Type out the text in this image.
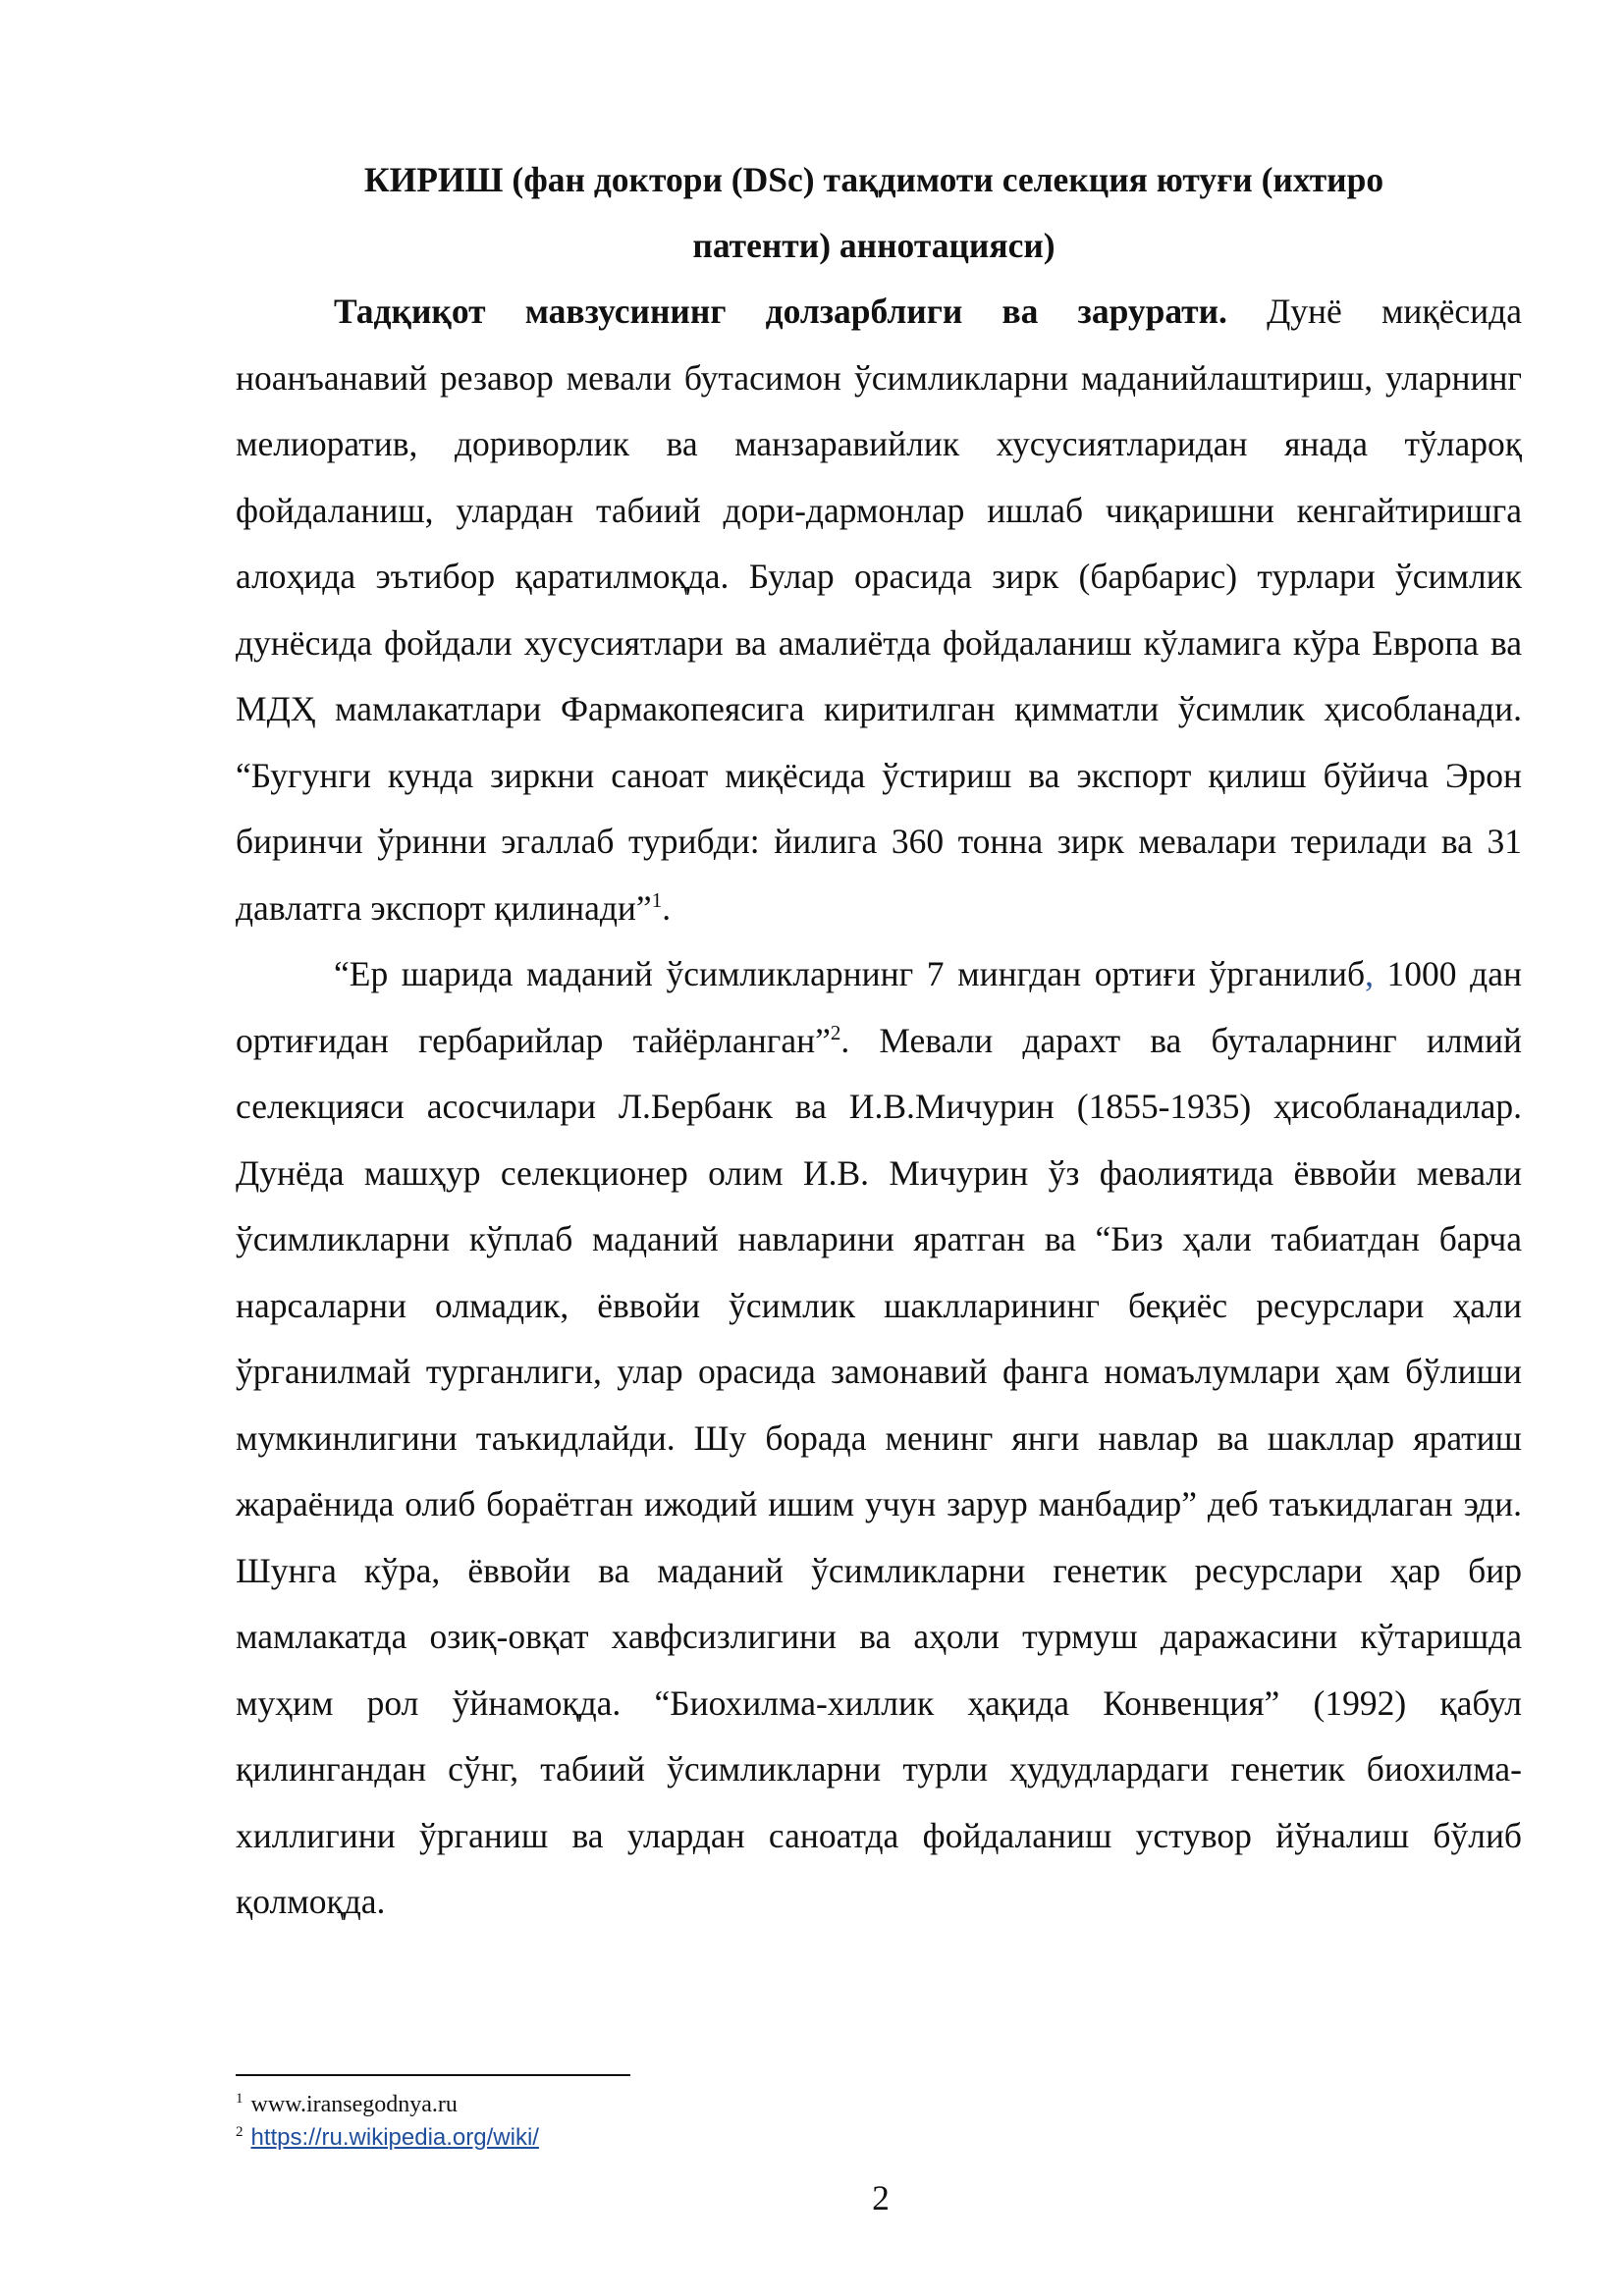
КИРИШ (фан доктори (DSc) тақдимоти селекция ютуғи (ихтиро
патенти) аннотацияси)

Тадқиқот мавзусининг долзарблиги ва зарурати. Дунё миқёсида ноанъанавий резавор мевали бутасимон ўсимликларни маданийлаштириш, уларнинг мелиоратив, дориворлик ва манзаравийлик хусусиятларидан янада тўлароқ фойдаланиш, улардан табиий дори-дармонлар ишлаб чиқаришни кенгайтиришга алоҳида эътибор қаратилмоқда. Булар орасида зирк (барбарис) турлари ўсимлик дунёсида фойдали хусусиятлари ва амалиётда фойдаланиш кўламига кўра Европа ва МДҲ мамлакатлари Фармакопеясига киритилган қимматли ўсимлик ҳисобланади. “Бугунги кунда зиркни саноат миқёсида ўстириш ва экспорт қилиш бўйича Эрон биринчи ўринни эгаллаб турибди: йилига 360 тонна зирк мевалари терилади ва 31 давлатга экспорт қилинади”$^1$.

“Ер шарида маданий ўсимликларнинг 7 мингдан ортиғи ўрганилиб, 1000 дан ортиғидан гербарийлар тайёрланган”$^2$. Мевали дарахт ва буталарнинг илмий селекцияси асосчилари Л.Бербанк ва И.В.Мичурин (1855-1935) ҳисобланадилар. Дунёда машҳур селекционер олим И.В. Мичурин ўз фаолиятида ёввойи мевали ўсимликларни кўплаб маданий навларини яратган ва “Биз ҳали табиатдан барча нарсаларни олмадик, ёввойи ўсимлик шаклларининг беқиёс ресурслари ҳали ўрганилмай турганлиги, улар орасида замонавий фанга номаълумлари ҳам бўлиши мумкинлигини таъкидлайди. Шу борада менинг янги навлар ва шакллар яратиш жараёнида олиб бораётган ижодий ишим учун зарур манбадир” деб таъкидлаган эди. Шунга кўра, ёввойи ва маданий ўсимликларни генетик ресурслари ҳар бир мамлакатда озиқ-овқат хавфсизлигини ва аҳоли турмуш даражасини кўтаришда муҳим рол ўйнамоқда. “Биохилма-хиллик ҳақида Конвенция” (1992) қабул қилингандан сўнг, табиий ўсимликларни турли ҳудудлардаги генетик биохилма-хиллигини ўрганиш ва улардан саноатда фойдаланиш устувор йўналиш бўлиб қолмоқда.

$^1$ www.iransegodnya.ru
$^2$ https://ru.wikipedia.org/wiki/
2
